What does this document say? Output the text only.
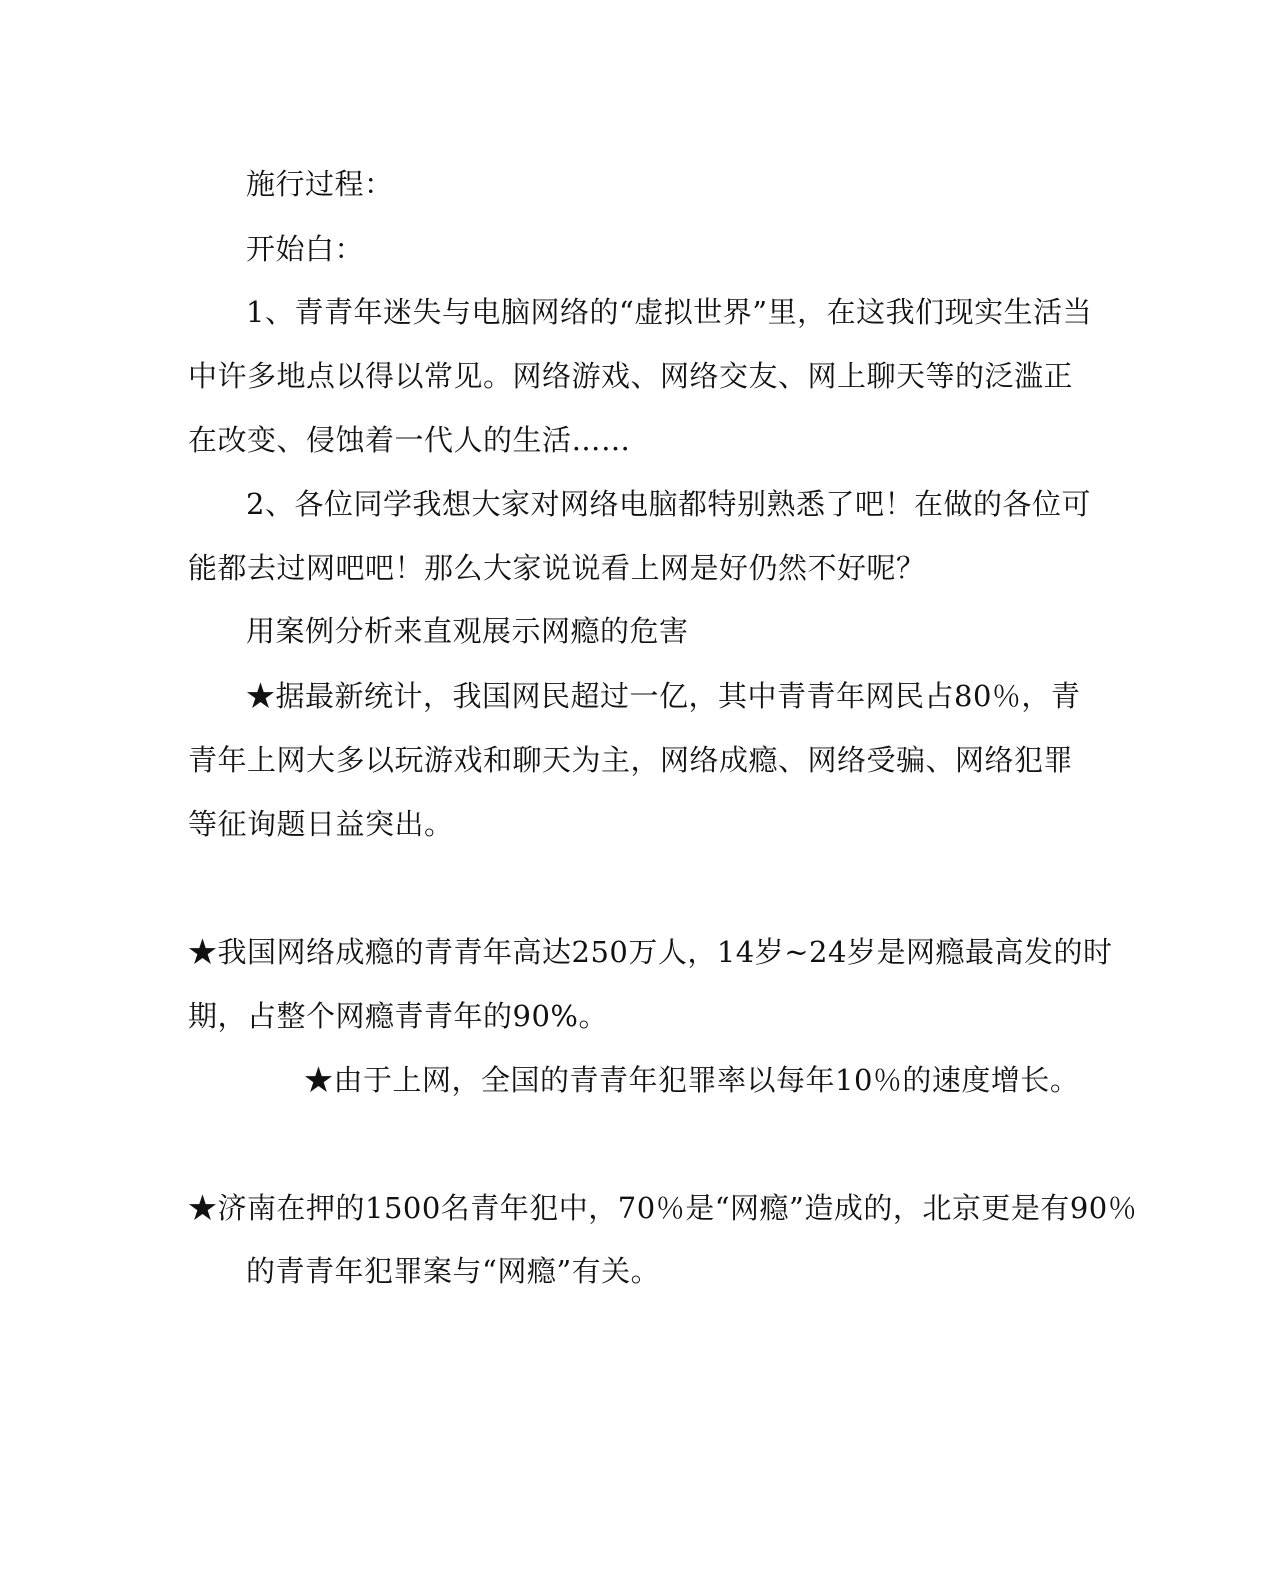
施行过程：
开始白：
1、青青年迷失与电脑网络的“虚拟世界”里，在这我们现实生活当
中许多地点以得以常见。网络游戏、网络交友、网上聊天等的泛滥正
在改变、侵蚀着一代人的生活……
2、各位同学我想大家对网络电脑都特别熟悉了吧！在做的各位可
能都去过网吧吧！那么大家说说看上网是好仍然不好呢？
用案例分析来直观展示网瘾的危害
★据最新统计，我国网民超过一亿，其中青青年网民占80％，青
青年上网大多以玩游戏和聊天为主，网络成瘾、网络受骗、网络犯罪
等征询题日益突出。
★我国网络成瘾的青青年高达250万人，14岁~24岁是网瘾最高发的时
期，占整个网瘾青青年的90%。
★由于上网，全国的青青年犯罪率以每年10％的速度增长。
★济南在押的1500名青年犯中，70％是“网瘾”造成的，北京更是有90％
的青青年犯罪案与“网瘾”有关。
